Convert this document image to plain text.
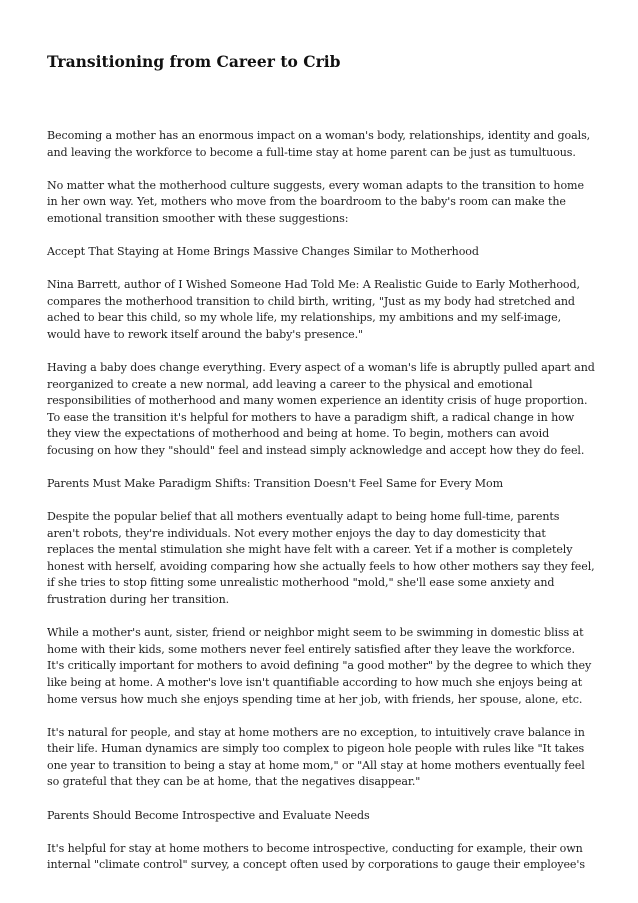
Transitioning from Career to Crib

Becoming a mother has an enormous impact on a woman's body, relationships, identity and goals, and leaving the workforce to become a full-time stay at home parent can be just as tumultuous.

No matter what the motherhood culture suggests, every woman adapts to the transition to home in her own way. Yet, mothers who move from the boardroom to the baby's room can make the emotional transition smoother with these suggestions:

Accept That Staying at Home Brings Massive Changes Similar to Motherhood

Nina Barrett, author of I Wished Someone Had Told Me: A Realistic Guide to Early Motherhood, compares the motherhood transition to child birth, writing, "Just as my body had stretched and ached to bear this child, so my whole life, my relationships, my ambitions and my self-image, would have to rework itself around the baby's presence."

Having a baby does change everything. Every aspect of a woman's life is abruptly pulled apart and reorganized to create a new normal, add leaving a career to the physical and emotional responsibilities of motherhood and many women experience an identity crisis of huge proportion. To ease the transition it's helpful for mothers to have a paradigm shift, a radical change in how they view the expectations of motherhood and being at home. To begin, mothers can avoid focusing on how they "should" feel and instead simply acknowledge and accept how they do feel.

Parents Must Make Paradigm Shifts: Transition Doesn't Feel Same for Every Mom

Despite the popular belief that all mothers eventually adapt to being home full-time, parents aren't robots, they're individuals. Not every mother enjoys the day to day domesticity that replaces the mental stimulation she might have felt with a career. Yet if a mother is completely honest with herself, avoiding comparing how she actually feels to how other mothers say they feel, if she tries to stop fitting some unrealistic motherhood "mold," she'll ease some anxiety and frustration during her transition.

While a mother's aunt, sister, friend or neighbor might seem to be swimming in domestic bliss at home with their kids, some mothers never feel entirely satisfied after they leave the workforce. It's critically important for mothers to avoid defining "a good mother" by the degree to which they like being at home. A mother's love isn't quantifiable according to how much she enjoys being at home versus how much she enjoys spending time at her job, with friends, her spouse, alone, etc.

It's natural for people, and stay at home mothers are no exception, to intuitively crave balance in their life. Human dynamics are simply too complex to pigeon hole people with rules like "It takes one year to transition to being a stay at home mom," or "All stay at home mothers eventually feel so grateful that they can be at home, that the negatives disappear."

Parents Should Become Introspective and Evaluate Needs

It's helpful for stay at home mothers to become introspective, conducting for example, their own internal "climate control" survey, a concept often used by corporations to gauge their employee's
